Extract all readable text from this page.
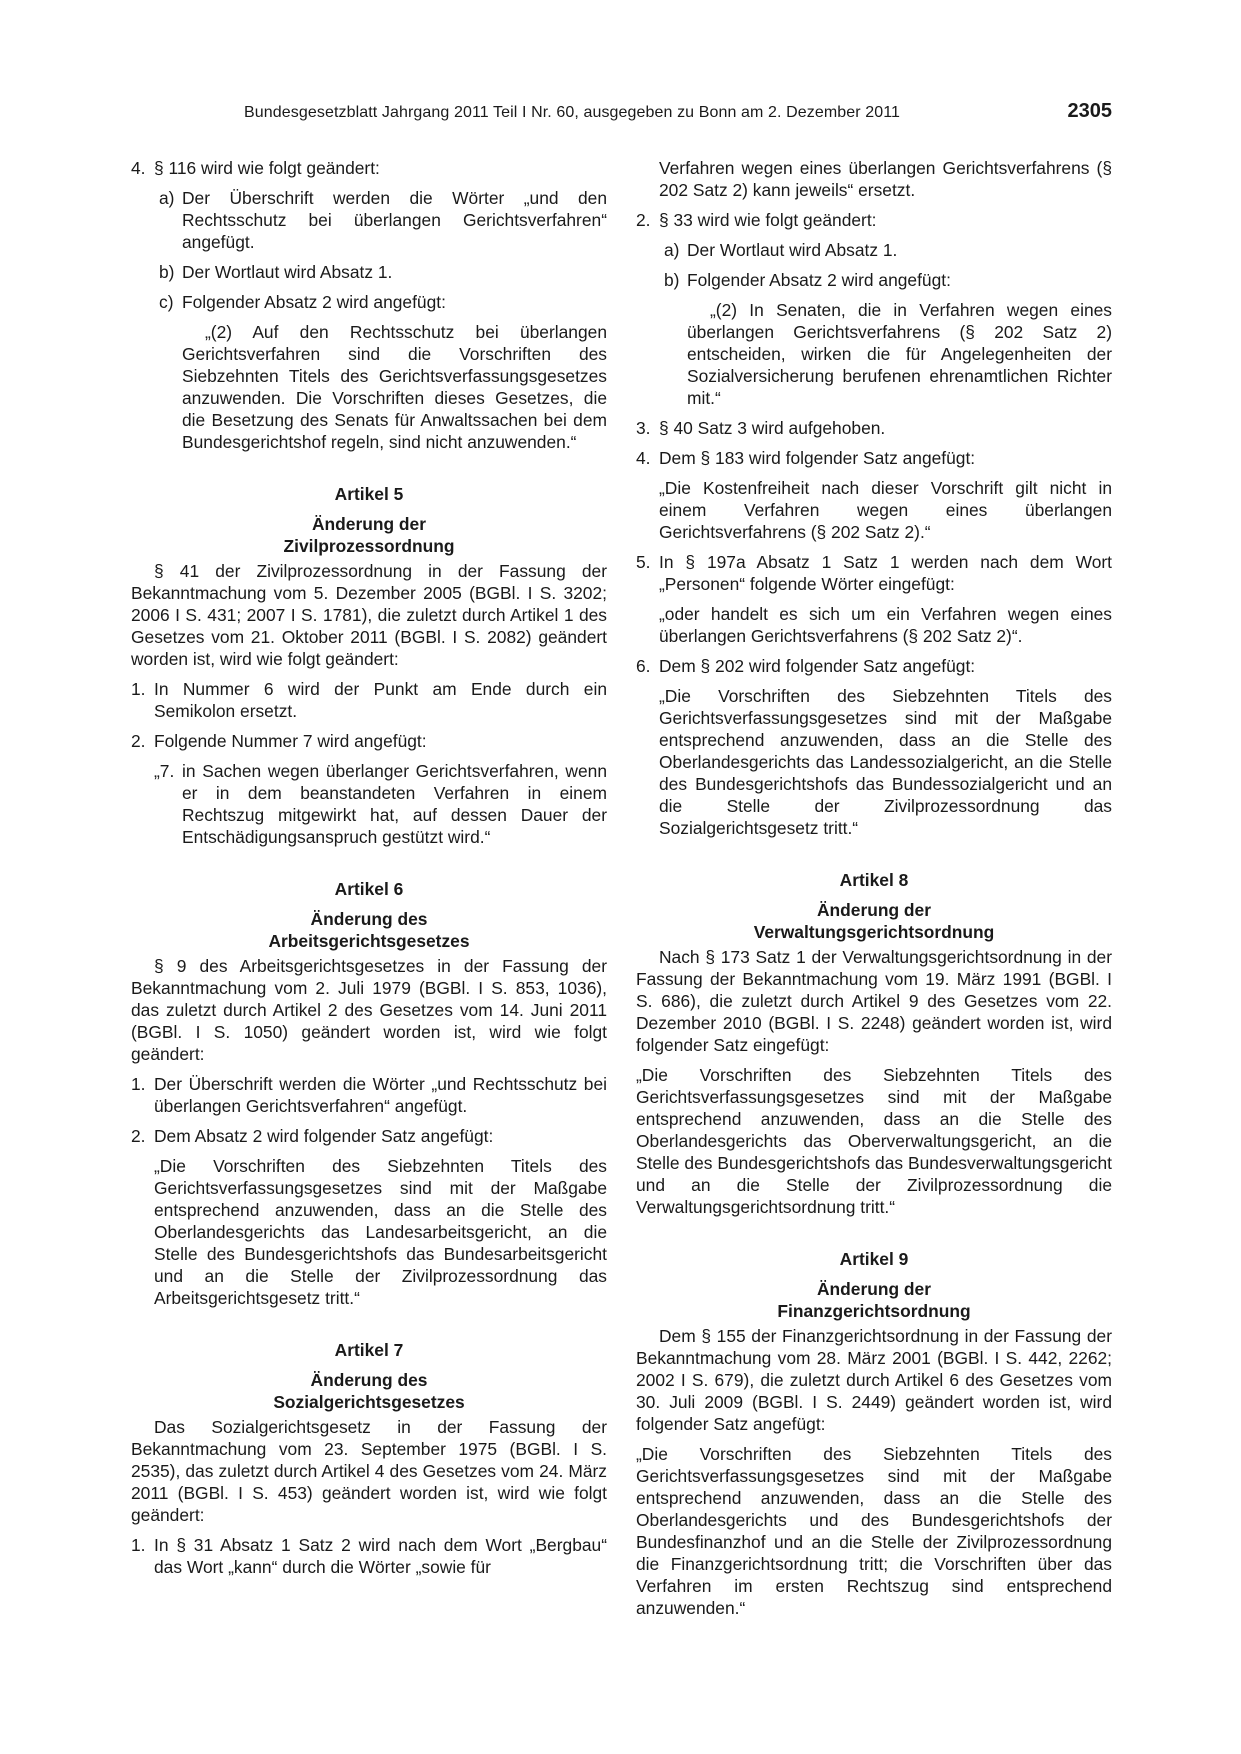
Bundesgesetzblatt Jahrgang 2011 Teil I Nr. 60, ausgegeben zu Bonn am 2. Dezember 2011	2305
4. § 116 wird wie folgt geändert:

a) Der Überschrift werden die Wörter „und den Rechtsschutz bei überlangen Gerichtsverfahren“ angefügt.

b) Der Wortlaut wird Absatz 1.

c) Folgender Absatz 2 wird angefügt:

„(2) Auf den Rechtsschutz bei überlangen Gerichtsverfahren sind die Vorschriften des Siebzehnten Titels des Gerichtsverfassungsgesetzes anzuwenden. Die Vorschriften dieses Gesetzes, die die Besetzung des Senats für Anwaltssachen bei dem Bundesgerichtshof regeln, sind nicht anzuwenden.“

Artikel 5
Änderung der
Zivilprozessordnung

§ 41 der Zivilprozessordnung in der Fassung der Bekanntmachung vom 5. Dezember 2005 (BGBl. I S. 3202; 2006 I S. 431; 2007 I S. 1781), die zuletzt durch Artikel 1 des Gesetzes vom 21. Oktober 2011 (BGBl. I S. 2082) geändert worden ist, wird wie folgt geändert:

1. In Nummer 6 wird der Punkt am Ende durch ein Semikolon ersetzt.

2. Folgende Nummer 7 wird angefügt:

„7. in Sachen wegen überlanger Gerichtsverfahren, wenn er in dem beanstandeten Verfahren in einem Rechtszug mitgewirkt hat, auf dessen Dauer der Entschädigungsanspruch gestützt wird.“

Artikel 6
Änderung des
Arbeitsgerichtsgesetzes

§ 9 des Arbeitsgerichtsgesetzes in der Fassung der Bekanntmachung vom 2. Juli 1979 (BGBl. I S. 853, 1036), das zuletzt durch Artikel 2 des Gesetzes vom 14. Juni 2011 (BGBl. I S. 1050) geändert worden ist, wird wie folgt geändert:

1. Der Überschrift werden die Wörter „und Rechtsschutz bei überlangen Gerichtsverfahren“ angefügt.

2. Dem Absatz 2 wird folgender Satz angefügt:

„Die Vorschriften des Siebzehnten Titels des Gerichtsverfassungsgesetzes sind mit der Maßgabe entsprechend anzuwenden, dass an die Stelle des Oberlandesgerichts das Landesarbeitsgericht, an die Stelle des Bundesgerichtshofs das Bundesarbeitsgericht und an die Stelle der Zivilprozessordnung das Arbeitsgerichtsgesetz tritt.“

Artikel 7
Änderung des
Sozialgerichtsgesetzes

Das Sozialgerichtsgesetz in der Fassung der Bekanntmachung vom 23. September 1975 (BGBl. I S. 2535), das zuletzt durch Artikel 4 des Gesetzes vom 24. März 2011 (BGBl. I S. 453) geändert worden ist, wird wie folgt geändert:

1. In § 31 Absatz 1 Satz 2 wird nach dem Wort „Bergbau“ das Wort „kann“ durch die Wörter „sowie für

Verfahren wegen eines überlangen Gerichtsverfahrens (§ 202 Satz 2) kann jeweils“ ersetzt.

2. § 33 wird wie folgt geändert:

a) Der Wortlaut wird Absatz 1.

b) Folgender Absatz 2 wird angefügt:

„(2) In Senaten, die in Verfahren wegen eines überlangen Gerichtsverfahrens (§ 202 Satz 2) entscheiden, wirken die für Angelegenheiten der Sozialversicherung berufenen ehrenamtlichen Richter mit.“

3. § 40 Satz 3 wird aufgehoben.

4. Dem § 183 wird folgender Satz angefügt:

„Die Kostenfreiheit nach dieser Vorschrift gilt nicht in einem Verfahren wegen eines überlangen Gerichtsverfahrens (§ 202 Satz 2).“

5. In § 197a Absatz 1 Satz 1 werden nach dem Wort „Personen“ folgende Wörter eingefügt:

„oder handelt es sich um ein Verfahren wegen eines überlangen Gerichtsverfahrens (§ 202 Satz 2)“.

6. Dem § 202 wird folgender Satz angefügt:

„Die Vorschriften des Siebzehnten Titels des Gerichtsverfassungsgesetzes sind mit der Maßgabe entsprechend anzuwenden, dass an die Stelle des Oberlandesgerichts das Landessozialgericht, an die Stelle des Bundesgerichtshofs das Bundessozialgericht und an die Stelle der Zivilprozessordnung das Sozialgerichtsgesetz tritt.“

Artikel 8
Änderung der
Verwaltungsgerichtsordnung

Nach § 173 Satz 1 der Verwaltungsgerichtsordnung in der Fassung der Bekanntmachung vom 19. März 1991 (BGBl. I S. 686), die zuletzt durch Artikel 9 des Gesetzes vom 22. Dezember 2010 (BGBl. I S. 2248) geändert worden ist, wird folgender Satz eingefügt:

„Die Vorschriften des Siebzehnten Titels des Gerichtsverfassungsgesetzes sind mit der Maßgabe entsprechend anzuwenden, dass an die Stelle des Oberlandesgerichts das Oberverwaltungsgericht, an die Stelle des Bundesgerichtshofs das Bundesverwaltungsgericht und an die Stelle der Zivilprozessordnung die Verwaltungsgerichtsordnung tritt.“

Artikel 9
Änderung der
Finanzgerichtsordnung

Dem § 155 der Finanzgerichtsordnung in der Fassung der Bekanntmachung vom 28. März 2001 (BGBl. I S. 442, 2262; 2002 I S. 679), die zuletzt durch Artikel 6 des Gesetzes vom 30. Juli 2009 (BGBl. I S. 2449) geändert worden ist, wird folgender Satz angefügt:

„Die Vorschriften des Siebzehnten Titels des Gerichtsverfassungsgesetzes sind mit der Maßgabe entsprechend anzuwenden, dass an die Stelle des Oberlandesgerichts und des Bundesgerichtshofs der Bundesfinanzhof und an die Stelle der Zivilprozessordnung die Finanzgerichtsordnung tritt; die Vorschriften über das Verfahren im ersten Rechtszug sind entsprechend anzuwenden.“
